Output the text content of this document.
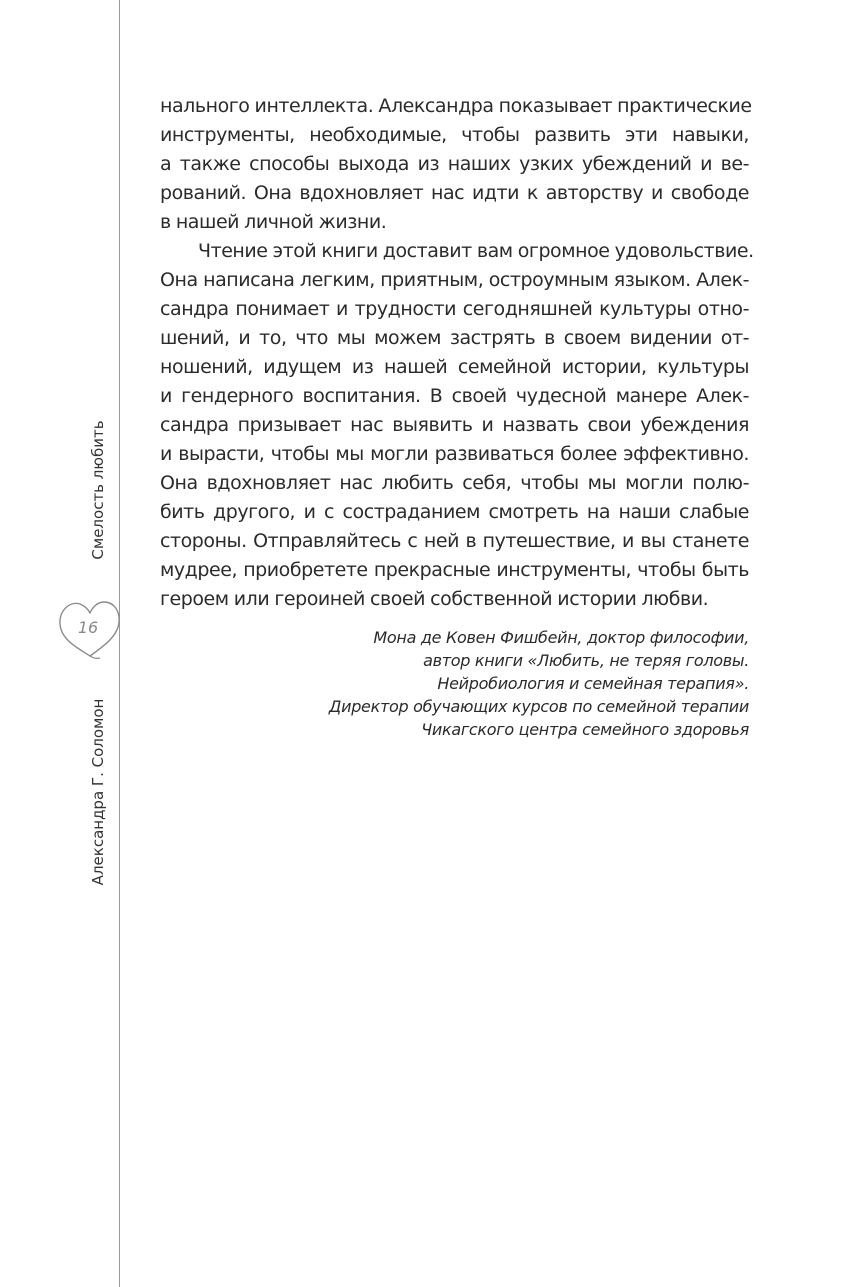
Смелость любить
16
Александра Г. Соломон

нального интеллекта. Александра показывает практические
инструменты, необходимые, чтобы развить эти навыки,
а также способы выхода из наших узких убеждений и ве-
рований. Она вдохновляет нас идти к авторству и свободе
в нашей личной жизни.

Чтение этой книги доставит вам огромное удовольствие.
Она написана легким, приятным, остроумным языком. Алек-
сандра понимает и трудности сегодняшней культуры отно-
шений, и то, что мы можем застрять в своем видении от-
ношений, идущем из нашей семейной истории, культуры
и гендерного воспитания. В своей чудесной манере Алек-
сандра призывает нас выявить и назвать свои убеждения
и вырасти, чтобы мы могли развиваться более эффективно.
Она вдохновляет нас любить себя, чтобы мы могли полю-
бить другого, и с состраданием смотреть на наши слабые
стороны. Отправляйтесь с ней в путешествие, и вы станете
мудрее, приобретете прекрасные инструменты, чтобы быть
героем или героиней своей собственной истории любви.

Мона де Ковен Фишбейн, доктор философии,
автор книги «Любить, не теряя головы.
Нейробиология и семейная терапия».
Директор обучающих курсов по семейной терапии
Чикагского центра семейного здоровья
